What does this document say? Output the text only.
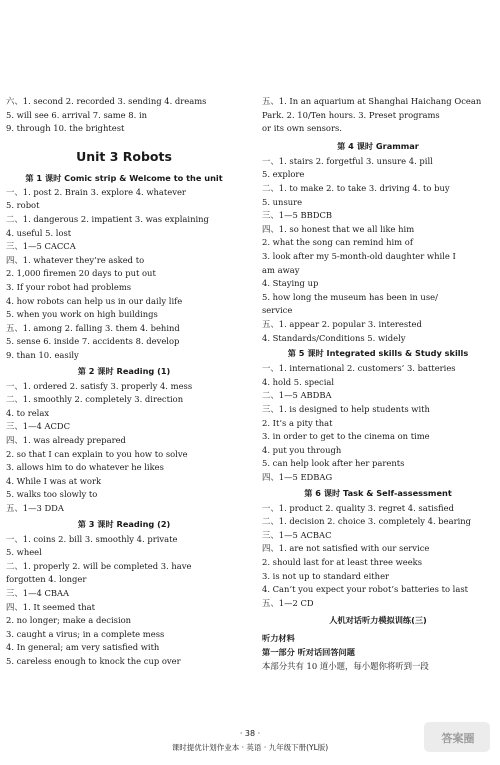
六、1. second 2. recorded 3. sending 4. dreams
5. will see 6. arrival 7. same 8. in
9. through 10. the brightest
Unit 3 Robots
第 1 课时 Comic strip & Welcome to the unit
一、1. post 2. Brain 3. explore 4. whatever
5. robot
二、1. dangerous 2. impatient 3. was explaining
4. useful 5. lost
三、1—5 CACCA
四、1. whatever they’re asked to
2. 1,000 firemen 20 days to put out
3. If your robot had problems
4. how robots can help us in our daily life
5. when you work on high buildings
五、1. among 2. falling 3. them 4. behind
5. sense 6. inside 7. accidents 8. develop
9. than 10. easily
第 2 课时 Reading (1)
一、1. ordered 2. satisfy 3. properly 4. mess
二、1. smoothly 2. completely 3. direction
4. to relax
三、1—4 ACDC
四、1. was already prepared
2. so that I can explain to you how to solve
3. allows him to do whatever he likes
4. While I was at work
5. walks too slowly to
五、1—3 DDA
第 3 课时 Reading (2)
一、1. coins 2. bill 3. smoothly 4. private
5. wheel
二、1. properly 2. will be completed 3. have
forgotten 4. longer
三、1—4 CBAA
四、1. It seemed that
2. no longer; make a decision
3. caught a virus; in a complete mess
4. In general; am very satisfied with
5. careless enough to knock the cup over
五、1. In an aquarium at Shanghai Haichang Ocean
Park. 2. 10/Ten hours. 3. Preset programs
or its own sensors.
第 4 课时 Grammar
一、1. stairs 2. forgetful 3. unsure 4. pill
5. explore
二、1. to make 2. to take 3. driving 4. to buy
5. unsure
三、1—5 BBDCB
四、1. so honest that we all like him
2. what the song can remind him of
3. look after my 5-month-old daughter while I
am away
4. Staying up
5. how long the museum has been in use/
service
五、1. appear 2. popular 3. interested
4. Standards/Conditions 5. widely
第 5 课时 Integrated skills & Study skills
一、1. international 2. customers’ 3. batteries
4. hold 5. special
二、1—5 ABDBA
三、1. is designed to help students with
2. It’s a pity that
3. in order to get to the cinema on time
4. put you through
5. can help look after her parents
四、1—5 EDBAG
第 6 课时 Task & Self-assessment
一、1. product 2. quality 3. regret 4. satisfied
二、1. decision 2. choice 3. completely 4. bearing
三、1—5 ACBAC
四、1. are not satisfied with our service
2. should last for at least three weeks
3. is not up to standard either
4. Can’t you expect your robot’s batteries to last
五、1—2 CD
人机对话听力模拟训练(三)
听力材料
第一部分 听对话回答问题
本部分共有 10 道小题，每小题你将听到一段
· 38 ·
课时提优计划作业本 · 英语 · 九年级下册(YL版)
答案圈
